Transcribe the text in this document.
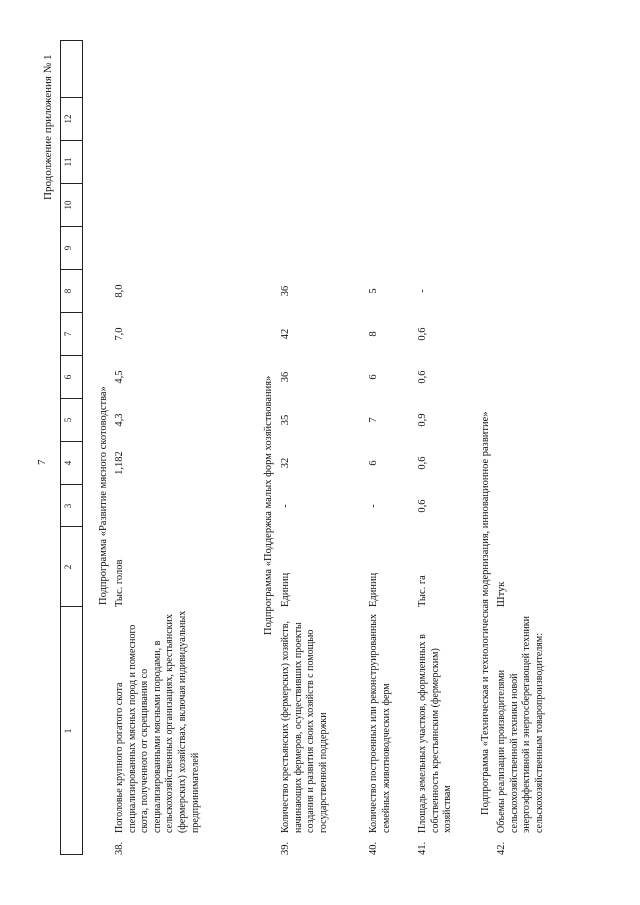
7
Продолжение приложения № 1
1
2
3
4
5
6
7
8
9
10
11
12
Подпрограмма «Развитие мясного скотоводства»
38.
Поголовье крупного рогатого скота специализированных мясных пород и помесного скота, полученного от скрещивания со специализированными мясными породами, в сельскохозяйственных организациях, крестьянских (фермерских) хозяйствах, включая индивидуальных предпринимателей
Тыс. голов
1,182
4,3
4,5
7,0
8,0
Подпрограмма «Поддержка малых форм хозяйствования»
39.
Количество крестьянских (фермерских) хозяйств, начинающих фермеров, осуществивших проекты создания и развития своих хозяйств с помощью государственной поддержки
Единиц
-
32
35
36
42
36
40.
Количество построенных или реконструированных семейных животноводческих ферм
Единиц
-
6
7
6
8
5
41.
Площадь земельных участков, оформленных в собственность крестьянским (фермерским) хозяйствам
Тыс. га
0,6
0,6
0,9
0,6
0,6
-
Подпрограмма «Техническая и технологическая модернизация, инновационное развитие»
42.
Объемы реализации производителями сельскохозяйственной техники новой энергоэффективной и энергосберегающей техники сельскохозяйственным товаропроизводителям:
Штук
